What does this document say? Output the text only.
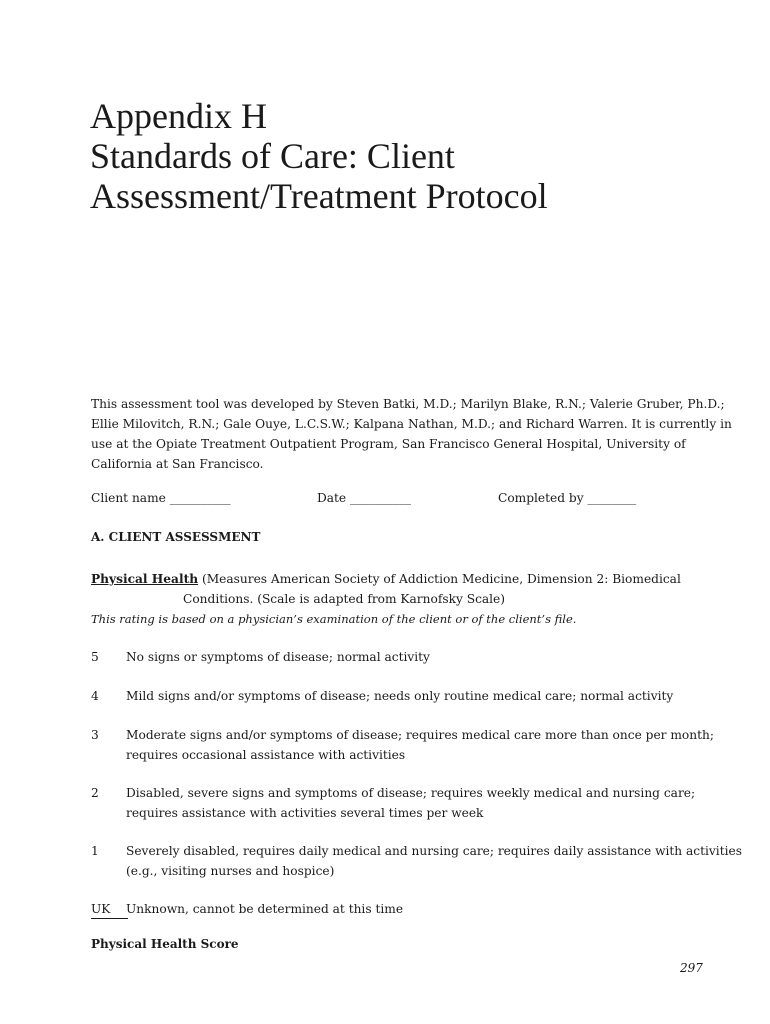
Appendix H
Standards of Care: Client
Assessment/Treatment Protocol
This assessment tool was developed by Steven Batki, M.D.; Marilyn Blake, R.N.; Valerie Gruber, Ph.D.;
Ellie Milovitch, R.N.; Gale Ouye, L.C.S.W.; Kalpana Nathan, M.D.; and Richard Warren. It is currently in
use at the Opiate Treatment Outpatient Program, San Francisco General Hospital, University of
California at San Francisco.
Client name __________	Date __________	Completed by ________

A. CLIENT ASSESSMENT

Physical Health (Measures American Society of Addiction Medicine, Dimension 2: Biomedical
Conditions. (Scale is adapted from Karnofsky Scale)
This rating is based on a physician’s examination of the client or of the client’s file.
5 No signs or symptoms of disease; normal activity
4 Mild signs and/or symptoms of disease; needs only routine medical care; normal activity
3 Moderate signs and/or symptoms of disease; requires medical care more than once per month;
requires occasional assistance with activities
2 Disabled, severe signs and symptoms of disease; requires weekly medical and nursing care;
requires assistance with activities several times per week
1 Severely disabled, requires daily medical and nursing care; requires daily assistance with activities
(e.g., visiting nurses and hospice)
UK Unknown, cannot be determined at this time

Physical Health Score

297
